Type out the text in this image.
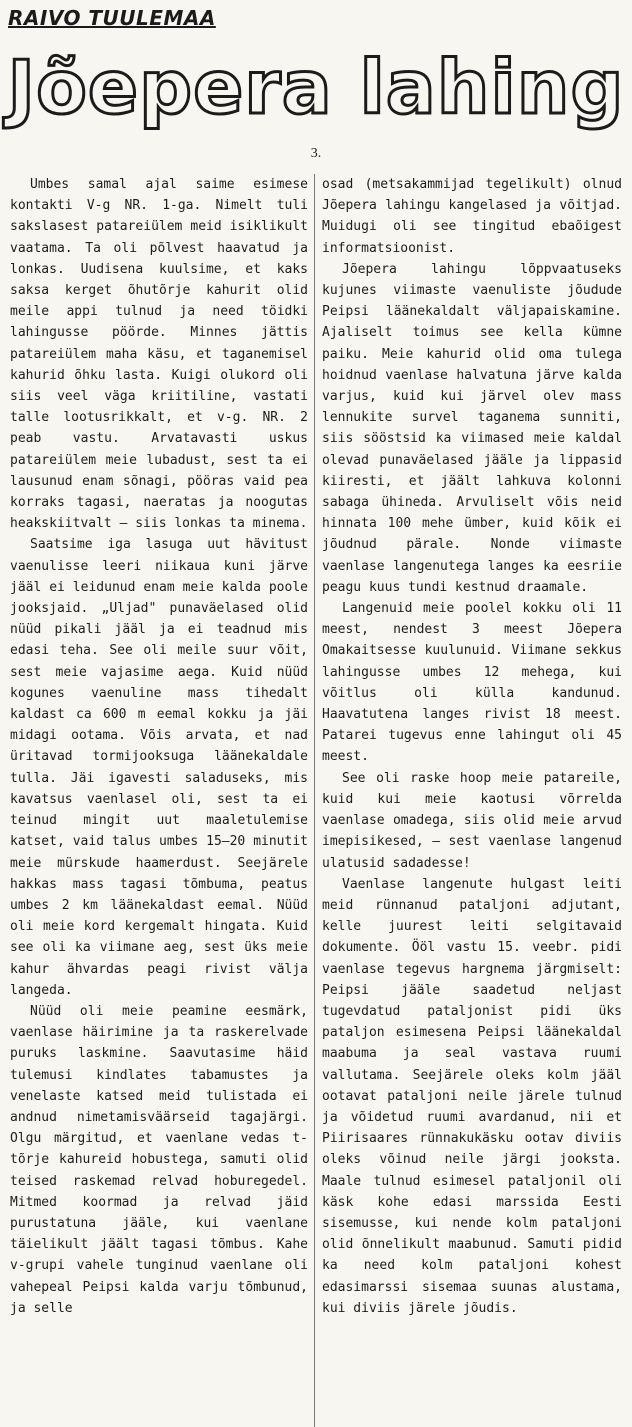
RAIVO TUULEMAA
Jõepera lahing
3.

Umbes samal ajal saime esimese kontakti V-g NR. 1-ga. Nimelt tuli sakslasest patareiülem meid isiklikult vaatama. Ta oli põlvest haavatud ja lonkas. Uudisena kuulsime, et kaks saksa kerget õhutõrje kahurit olid meile appi tulnud ja need töidki lahingusse pöörde. Minnes jättis patareiülem maha käsu, et taganemisel kahurid õhku lasta. Kuigi olukord oli siis veel väga kriitiline, vastati talle lootusrikkalt, et v-g. NR. 2 peab vastu. Arvatavasti uskus patareiülem meie lubadust, sest ta ei lausunud enam sõnagi, pööras vaid pea korraks tagasi, naeratas ja noogutas heakskiitvalt — siis lonkas ta minema.

Saatsime iga lasuga uut hävitust vaenulisse leeri niikaua kuni järve jääl ei leidunud enam meie kalda poole jooksjaid. „Uljad" punaväelased olid nüüd pikali jääl ja ei teadnud mis edasi teha. See oli meile suur võit, sest meie vajasime aega. Kuid nüüd kogunes vaenuline mass tihedalt kaldast ca 600 m eemal kokku ja jäi midagi ootama. Võis arvata, et nad üritavad tormijooksuga läänekaldale tulla. Jäi igavesti saladuseks, mis kavatsus vaenlasel oli, sest ta ei teinud mingit uut maaletulemise katset, vaid talus umbes 15—20 minutit meie mürskude haamerdust. Seejärele hakkas mass tagasi tõmbuma, peatus umbes 2 km läänekaldast eemal. Nüüd oli meie kord kergemalt hingata. Kuid see oli ka viimane aeg, sest üks meie kahur ähvardas peagi rivist välja langeda.

Nüüd oli meie peamine eesmärk, vaenlase häirimine ja ta raskerelvade puruks laskmine. Saavutasime häid tulemusi kindlates tabamustes ja venelaste katsed meid tulistada ei andnud nimetamisväärseid tagajärgi. Olgu märgitud, et vaenlane vedas t-tõrje kahureid hobustega, samuti olid teised raskemad relvad hoburegedel. Mitmed koormad ja relvad jäid purustatuna jääle, kui vaenlane täielikult jäält tagasi tõmbus. Kahe v-grupi vahele tunginud vaenlane oli vahepeal Peipsi kalda varju tõmbunud, ja selle

osad (metsakammijad tegelikult) olnud Jõepera lahingu kangelased ja võitjad. Muidugi oli see tingitud ebaõigest informatsioonist.

Jõepera lahingu lõppvaatuseks kujunes viimaste vaenuliste jõudude Peipsi läänekaldalt väljapaiskamine. Ajaliselt toimus see kella kümne paiku. Meie kahurid olid oma tulega hoidnud vaenlase halvatuna järve kalda varjus, kuid kui järvel olev mass lennukite survel taganema sunniti, siis sööstsid ka viimased meie kaldal olevad punaväelased jääle ja lippasid kiiresti, et jäält lahkuva kolonni sabaga ühineda. Arvuliselt võis neid hinnata 100 mehe ümber, kuid kõik ei jõudnud pärale. Nonde viimaste vaenlase langenutega langes ka eesriie peagu kuus tundi kestnud draamale.

Langenuid meie poolel kokku oli 11 meest, nendest 3 meest Jõepera Omakaitsesse kuulunuid. Viimane sekkus lahingusse umbes 12 mehega, kui võitlus oli külla kandunud. Haavatutena langes rivist 18 meest. Patarei tugevus enne lahingut oli 45 meest.

See oli raske hoop meie patareile, kuid kui meie kaotusi võrrelda vaenlase omadega, siis olid meie arvud imepisikesed, — sest vaenlase langenud ulatusid sadadesse!

Vaenlase langenute hulgast leiti meid rünnanud pataljoni adjutant, kelle juurest leiti selgitavaid dokumente. Ööl vastu 15. veebr. pidi vaenlase tegevus hargnema järgmiselt: Peipsi jääle saadetud neljast tugevdatud pataljonist pidi üks pataljon esimesena Peipsi läänekaldal maabuma ja seal vastava ruumi vallutama. Seejärele oleks kolm jääl ootavat pataljoni neile järele tulnud ja võidetud ruumi avardanud, nii et Piirisaares rünnakukäsku ootav diviis oleks võinud neile järgi jooksta. Maale tulnud esimesel pataljonil oli käsk kohe edasi marssida Eesti sisemusse, kui nende kolm pataljoni olid õnnelikult maabunud. Samuti pidid ka need kolm pataljoni kohest edasimarssi sisemaa suunas alustama, kui diviis järele jõudis.
